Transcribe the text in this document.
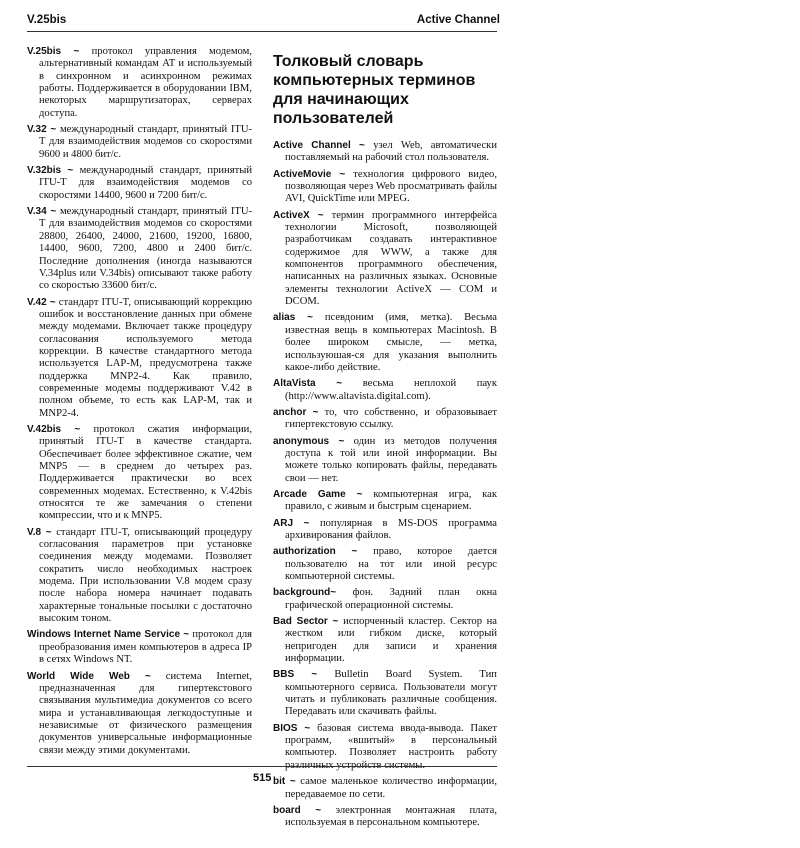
V.25bis	Active Channel

V.25bis ~ протокол управления модемом, альтернативный командам AT и используемый в синхронном и асинхронном режимах работы. Поддерживается в оборудовании IBM, некоторых маршрутизаторах, серверах доступа.

V.32 ~ международный стандарт, принятый ITU-T для взаимодействия модемов со скоростями 9600 и 4800 бит/с.

V.32bis ~ международный стандарт, принятый ITU-T для взаимодействия модемов со скоростями 14400, 9600 и 7200 бит/с.

V.34 ~ международный стандарт, принятый ITU-T для взаимодействия модемов со скоростями 28800, 26400, 24000, 21600, 19200, 16800, 14400, 9600, 7200, 4800 и 2400 бит/с. Последние дополнения (иногда называются V.34plus или V.34bis) описывают также работу со скоростью 33600 бит/с.

V.42 ~ стандарт ITU-T, описывающий коррекцию ошибок и восстановление данных при обмене между модемами. Включает также процедуру согласования используемого метода коррекции. В качестве стандартного метода используется LAP-M, предусмотрена также поддержка MNP2-4. Как правило, современные модемы поддерживают V.42 в полном объеме, то есть как LAP-M, так и MNP2-4.

V.42bis ~ протокол сжатия информации, принятый ITU-T в качестве стандарта. Обеспечивает более эффективное сжатие, чем MNP5 — в среднем до четырех раз. Поддерживается практически во всех современных модемах. Естественно, к V.42bis относятся те же замечания о степени компрессии, что и к MNP5.

V.8 ~ стандарт ITU-T, описывающий процедуру согласования параметров при установке соединения между модемами. Позволяет сократить число необходимых настроек модема. При использовании V.8 модем сразу после набора номера начинает подавать характерные тональные посылки с достаточно высоким тоном.

Windows Internet Name Service ~ протокол для преобразования имен компьютеров в адреса IP в сетях Windows NT.

World Wide Web ~ система Internet, предназначенная для гипертекстового связывания мультимедиа документов со всего мира и устанавливающая легкодоступные и независимые от физического размещения документов универсальные информационные связи между этими документами.

Толковый словарь компьютерных терминов для начинающих пользователей

Active Channel ~ узел Web, автоматически поставляемый на рабочий стол пользователя.

ActiveMovie ~ технология цифрового видео, позволяющая через Web просматривать файлы AVI, QuickTime или MPEG.

ActiveX ~ термин программного интерфейса технологии Microsoft, позволяющей разработчикам создавать интерактивное содержимое для WWW, а также для компонентов программного обеспечения, написанных на различных языках. Основные элементы технологии ActiveX — COM и DCOM.

alias ~ псевдоним (имя, метка). Весьма известная вещь в компьютерах Macintosh. В более широком смысле, — метка, используюшая-ся для указания выполнить какое-либо действие.

AltaVista ~ весьма неплохой паук (http://www.altavista.digital.com).

anchor ~ то, что собственно, и образовывает гипертекстовую ссылку.

anonymous ~ один из методов получения доступа к той или иной информации. Вы можете только копировать файлы, передавать свои — нет.

Arcade Game ~ компьютерная игра, как правило, с живым и быстрым сценарием.

ARJ ~ популярная в MS-DOS программа архивирования файлов.

authorization ~ право, которое дается пользователю на тот или иной ресурс компьютерной системы.

background~ фон. Задний план окна графической операционной системы.

Bad Sector ~ испорченный кластер. Сектор на жестком или гибком диске, который непригоден для записи и хранения информации.

BBS ~ Bulletin Board System. Тип компьютерного сервиса. Пользователи могут читать и публиковать различные сообщения. Передавать или скачивать файлы.

BIOS ~ базовая система ввода-вывода. Пакет программ, «вшитый» в персональный компьютер. Позволяет настроить работу различных устройств системы.

bit ~ самое маленькое количество информации, передаваемое по сети.

board ~ электронная монтажная плата, используемая в персональном компьютере.

515
